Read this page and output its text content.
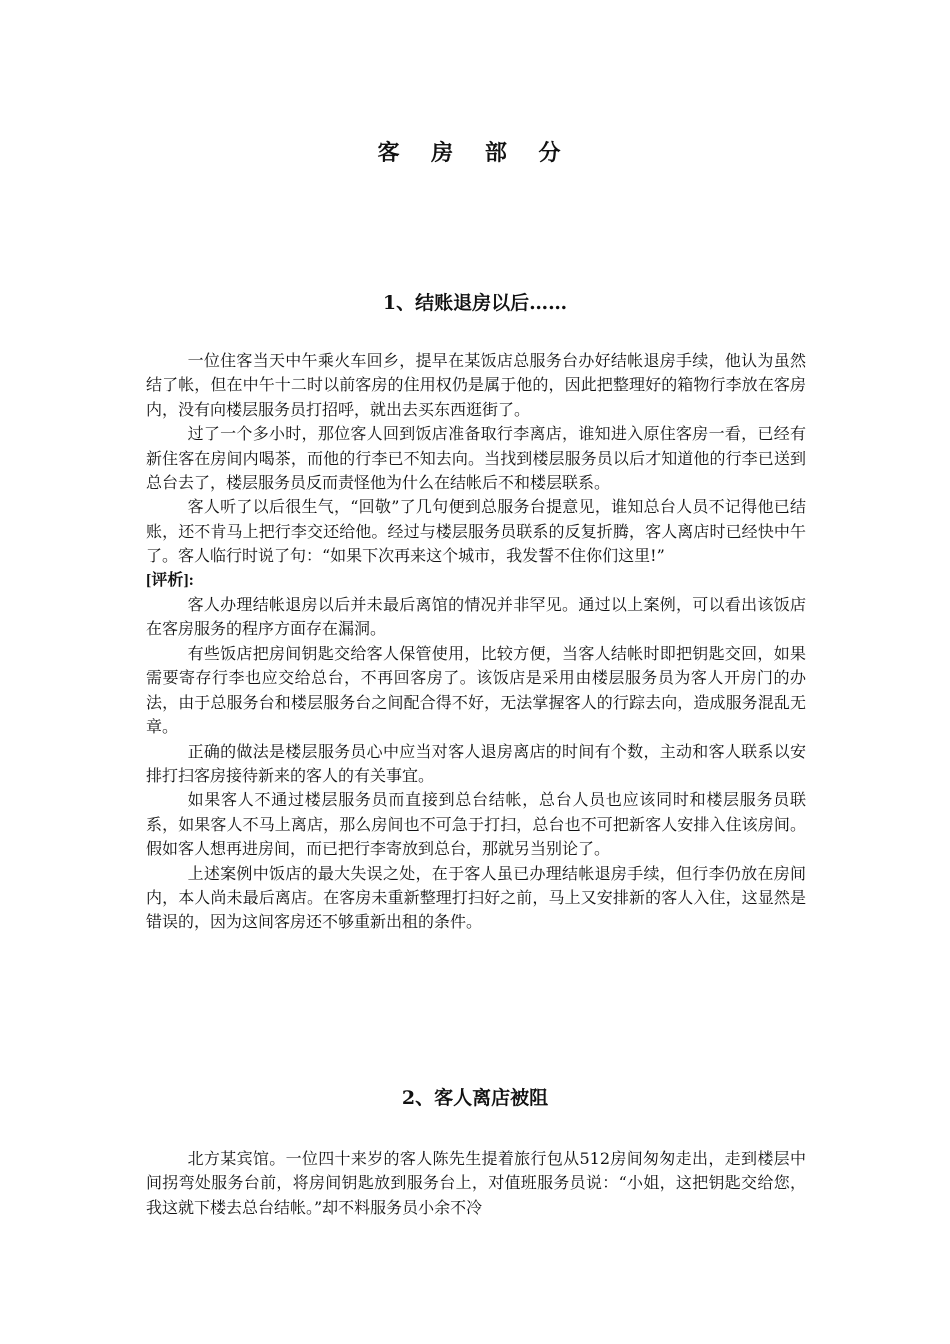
客 房 部 分
1、结账退房以后……

一位住客当天中午乘火车回乡，提早在某饭店总服务台办好结帐退房手续，他认为虽然结了帐，但在中午十二时以前客房的住用权仍是属于他的，因此把整理好的箱物行李放在客房内，没有向楼层服务员打招呼，就出去买东西逛街了。

过了一个多小时，那位客人回到饭店准备取行李离店，谁知进入原住客房一看，已经有新住客在房间内喝茶，而他的行李已不知去向。当找到楼层服务员以后才知道他的行李已送到总台去了，楼层服务员反而责怪他为什么在结帐后不和楼层联系。

客人听了以后很生气，“回敬”了几句便到总服务台提意见，谁知总台人员不记得他已结账，还不肯马上把行李交还给他。经过与楼层服务员联系的反复折腾，客人离店时已经快中午了。客人临行时说了句：“如果下次再来这个城市，我发誓不住你们这里!”

[评析]:

客人办理结帐退房以后并未最后离馆的情况并非罕见。通过以上案例，可以看出该饭店在客房服务的程序方面存在漏洞。

有些饭店把房间钥匙交给客人保管使用，比较方便，当客人结帐时即把钥匙交回，如果需要寄存行李也应交给总台，不再回客房了。该饭店是采用由楼层服务员为客人开房门的办法，由于总服务台和楼层服务台之间配合得不好，无法掌握客人的行踪去向，造成服务混乱无章。

正确的做法是楼层服务员心中应当对客人退房离店的时间有个数，主动和客人联系以安排打扫客房接待新来的客人的有关事宜。

如果客人不通过楼层服务员而直接到总台结帐，总台人员也应该同时和楼层服务员联系，如果客人不马上离店，那么房间也不可急于打扫，总台也不可把新客人安排入住该房间。假如客人想再进房间，而已把行李寄放到总台，那就另当别论了。

上述案例中饭店的最大失误之处，在于客人虽已办理结帐退房手续，但行李仍放在房间内，本人尚未最后离店。在客房未重新整理打扫好之前，马上又安排新的客人入住，这显然是错误的，因为这间客房还不够重新出租的条件。

2、客人离店被阻

北方某宾馆。一位四十来岁的客人陈先生提着旅行包从512房间匆匆走出，走到楼层中间拐弯处服务台前，将房间钥匙放到服务台上，对值班服务员说：“小姐，这把钥匙交给您，我这就下楼去总台结帐。”却不料服务员小余不冷
